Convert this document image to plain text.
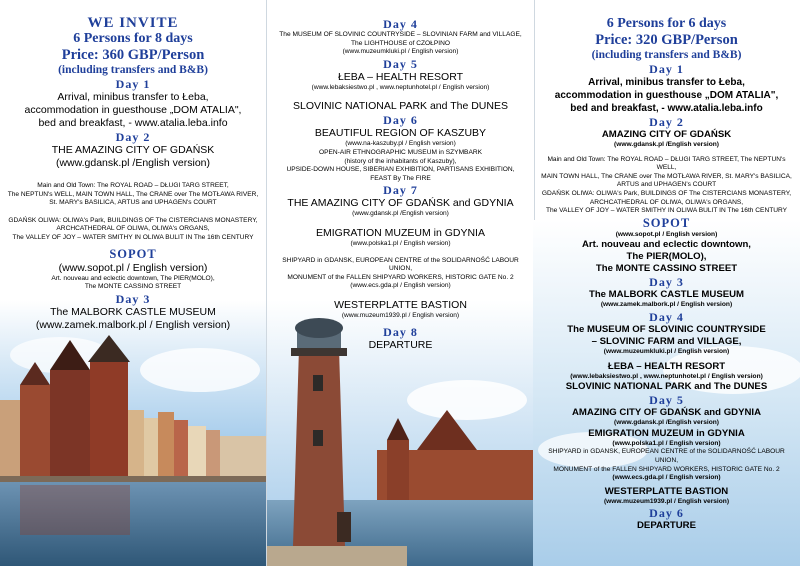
WE INVITE
6 Persons for 8 days
Price: 360 GBP/Person
(including transfers and B&B)
Day 1
Arrival, minibus transfer to Łeba,
accommodation in guesthouse „DOM ATALIA",
bed and breakfast, - www.atalia.leba.info
Day 2
THE AMAZING CITY OF GDAŃSK
(www.gdansk.pl /English version)
Main and Old Town: The ROYAL ROAD – DŁUGI TARG STREET,
The NEPTUN's WELL, MAIN TOWN HALL, The CRANE over The MOTŁAWA RIVER,
St. MARY's BASILICA, ARTUS and UPHAGEN's COURT
GDAŃSK OLIWA: OLIWA's Park, BUILDINGS OF The CISTERCIANS MONASTERY,
ARCHCATHEDRAL OF OLIWA, OLIWA's ORGANS,
The VALLEY OF JOY – WATER SMITHY IN OLIWA BULIT IN The 16th CENTURY
SOPOT
(www.sopot.pl / English version)
Art. nouveau and eclectic downtown, The PIER(MOLO),
The MONTE CASSINO STREET
Day 3
The MALBORK CASTLE MUSEUM
(www.zamek.malbork.pl / English version)
Day 4
The MUSEUM OF SLOVINIC COUNTRYSIDE – SLOVINIAN FARM and VILLAGE,
The LIGHTHOUSE of CZOŁPINO
(www.muzeumkluki.pl / English version)
Day 5
ŁEBA – HEALTH RESORT
(www.lebaksiestwo.pl , www.neptunhotel.pl / English version)
SLOVINIC NATIONAL PARK and The DUNES
Day 6
BEAUTIFUL REGION OF KASZUBY
(www.na-kaszuby.pl / English version)
OPEN-AIR ETHNOGRAPHIC MUSEUM in SZYMBARK
(history of the inhabitants of Kaszuby),
UPSIDE-DOWN HOUSE, SIBERIAN EXHIBITION, PARTISANS EXHIBITION,
FEAST By The FIRE
Day 7
THE AMAZING CITY OF GDAŃSK and GDYNIA
(www.gdansk.pl /English version)
EMIGRATION MUZEUM in GDYNIA
(www.polska1.pl / English version)
SHIPYARD in GDANSK, EUROPEAN CENTRE of the SOLIDARNOŚĆ LABOUR UNION,
MONUMENT of the FALLEN SHIPYARD WORKERS, HISTORIC GATE No. 2
(www.ecs.gda.pl / English version)
WESTERPLATTE BASTION
(www.muzeum1939.pl / English version)
Day 8
DEPARTURE
6 Persons for 6 days
Price: 320 GBP/Person
(including transfers and B&B)
Day 1
Arrival, minibus transfer to Łeba,
accommodation in guesthouse „DOM ATALIA",
bed and breakfast, - www.atalia.leba.info
Day 2
AMAZING CITY OF GDAŃSK
(www.gdansk.pl /English version)
Main and Old Town: The ROYAL ROAD – DŁUGI TARG STREET, The NEPTUN's WELL,
MAIN TOWN HALL, The CRANE over The MOTŁAWA RIVER, St. MARY's BASILICA,
ARTUS and UPHAGEN's COURT
GDAŃSK OLIWA: OLIWA's Park, BUILDINGS OF The CISTERCIANS MONASTERY,
ARCHCATHEDRAL OF OLIWA, OLIWA's ORGANS,
The VALLEY OF JOY – WATER SMITHY IN OLIWA BULIT IN The 16th CENTURY
SOPOT
(www.sopot.pl / English version)
Art. nouveau and eclectic downtown,
The PIER(MOLO),
The MONTE CASSINO STREET
Day 3
The MALBORK CASTLE MUSEUM
(www.zamek.malbork.pl / English version)
Day 4
The MUSEUM OF SLOVINIC COUNTRYSIDE
– SLOVINIC FARM and VILLAGE,
(www.muzeumkluki.pl / English version)
ŁEBA – HEALTH RESORT
(www.lebaksiestwo.pl , www.neptunhotel.pl / English version)
SLOVINIC NATIONAL PARK and The DUNES
Day 5
AMAZING CITY OF GDAŃSK and GDYNIA
(www.gdansk.pl /English version)
EMIGRATION MUZEUM in GDYNIA
(www.polska1.pl / English version)
SHIPYARD in GDANSK, EUROPEAN CENTRE of the SOLIDARNOŚĆ LABOUR UNION,
MONUMENT of the FALLEN SHIPYARD WORKERS, HISTORIC GATE No. 2
(www.ecs.gda.pl / English version)
WESTERPLATTE BASTION
(www.muzeum1939.pl / English version)
Day 6
DEPARTURE
